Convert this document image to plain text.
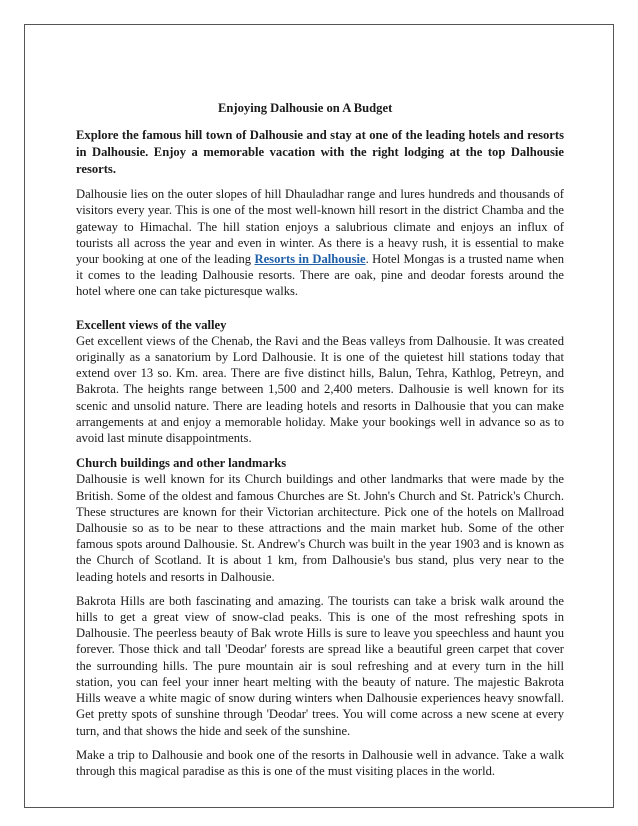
Enjoying Dalhousie on A Budget

Explore the famous hill town of Dalhousie and stay at one of the leading hotels and resorts in Dalhousie. Enjoy a memorable vacation with the right lodging at the top Dalhousie resorts.

Dalhousie lies on the outer slopes of hill Dhauladhar range and lures hundreds and thousands of visitors every year. This is one of the most well-known hill resort in the district Chamba and the gateway to Himachal. The hill station enjoys a salubrious climate and enjoys an influx of tourists all across the year and even in winter. As there is a heavy rush, it is essential to make your booking at one of the leading Resorts in Dalhousie. Hotel Mongas is a trusted name when it comes to the leading Dalhousie resorts. There are oak, pine and deodar forests around the hotel where one can take picturesque walks.

Excellent views of the valley

Get excellent views of the Chenab, the Ravi and the Beas valleys from Dalhousie. It was created originally as a sanatorium by Lord Dalhousie. It is one of the quietest hill stations today that extend over 13 so. Km. area. There are five distinct hills, Balun, Tehra, Kathlog, Petreyn, and Bakrota. The heights range between 1,500 and 2,400 meters. Dalhousie is well known for its scenic and unsolid nature. There are leading hotels and resorts in Dalhousie that you can make arrangements at and enjoy a memorable holiday. Make your bookings well in advance so as to avoid last minute disappointments.

Church buildings and other landmarks

Dalhousie is well known for its Church buildings and other landmarks that were made by the British. Some of the oldest and famous Churches are St. John's Church and St. Patrick's Church. These structures are known for their Victorian architecture. Pick one of the hotels on Mallroad Dalhousie so as to be near to these attractions and the main market hub. Some of the other famous spots around Dalhousie. St. Andrew's Church was built in the year 1903 and is known as the Church of Scotland. It is about 1 km, from Dalhousie's bus stand, plus very near to the leading hotels and resorts in Dalhousie.

Bakrota Hills are both fascinating and amazing. The tourists can take a brisk walk around the hills to get a great view of snow-clad peaks. This is one of the most refreshing spots in Dalhousie. The peerless beauty of Bak wrote Hills is sure to leave you speechless and haunt you forever. Those thick and tall 'Deodar' forests are spread like a beautiful green carpet that cover the surrounding hills. The pure mountain air is soul refreshing and at every turn in the hill station, you can feel your inner heart melting with the beauty of nature. The majestic Bakrota Hills weave a white magic of snow during winters when Dalhousie experiences heavy snowfall. Get pretty spots of sunshine through 'Deodar' trees. You will come across a new scene at every turn, and that shows the hide and seek of the sunshine.

Make a trip to Dalhousie and book one of the resorts in Dalhousie well in advance. Take a walk through this magical paradise as this is one of the must visiting places in the world.
